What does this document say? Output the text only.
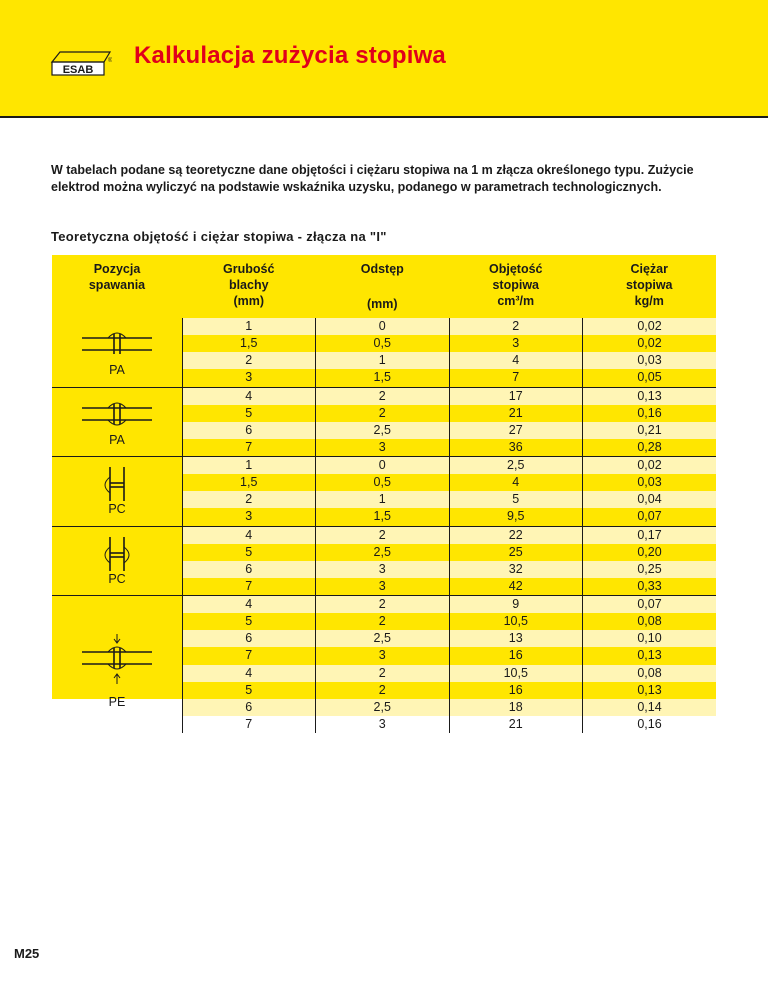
ESAB
® Kalkulacja zużycia stopiwa

W tabelach podane są teoretyczne dane objętości i ciężaru stopiwa na 1 m złącza określonego typu. Zużycie elektrod można wyliczyć na podstawie wskaźnika uzysku, podanego w parametrach technologicznych.

Teoretyczna objętość i ciężar stopiwa - złącza na "I"
Pozycja
spawania	Grubość
blachy
(mm)	Odstęp
(mm)	Objętość
stopiwa
cm³/m	Ciężar
stopiwa
kg/m

PA	1	0	2	0,02
	1,5	0,5	3	0,02
	2	1	4	0,03
	3	1,5	7	0,05

PA	4	2	17	0,13
	5	2	21	0,16
	6	2,5	27	0,21
	7	3	36	0,28

PC	1	0	2,5	0,02
	1,5	0,5	4	0,03
	2	1	5	0,04
	3	1,5	9,5	0,07

PC	4	2	22	0,17
	5	2,5	25	0,20
	6	3	32	0,25
	7	3	42	0,33

PE	4	2	9	0,07
	5	2	10,5	0,08
	6	2,5	13	0,10
	7	3	16	0,13
	4	2	10,5	0,08
	5	2	16	0,13
	6	2,5	18	0,14
	7	3	21	0,16
M25
